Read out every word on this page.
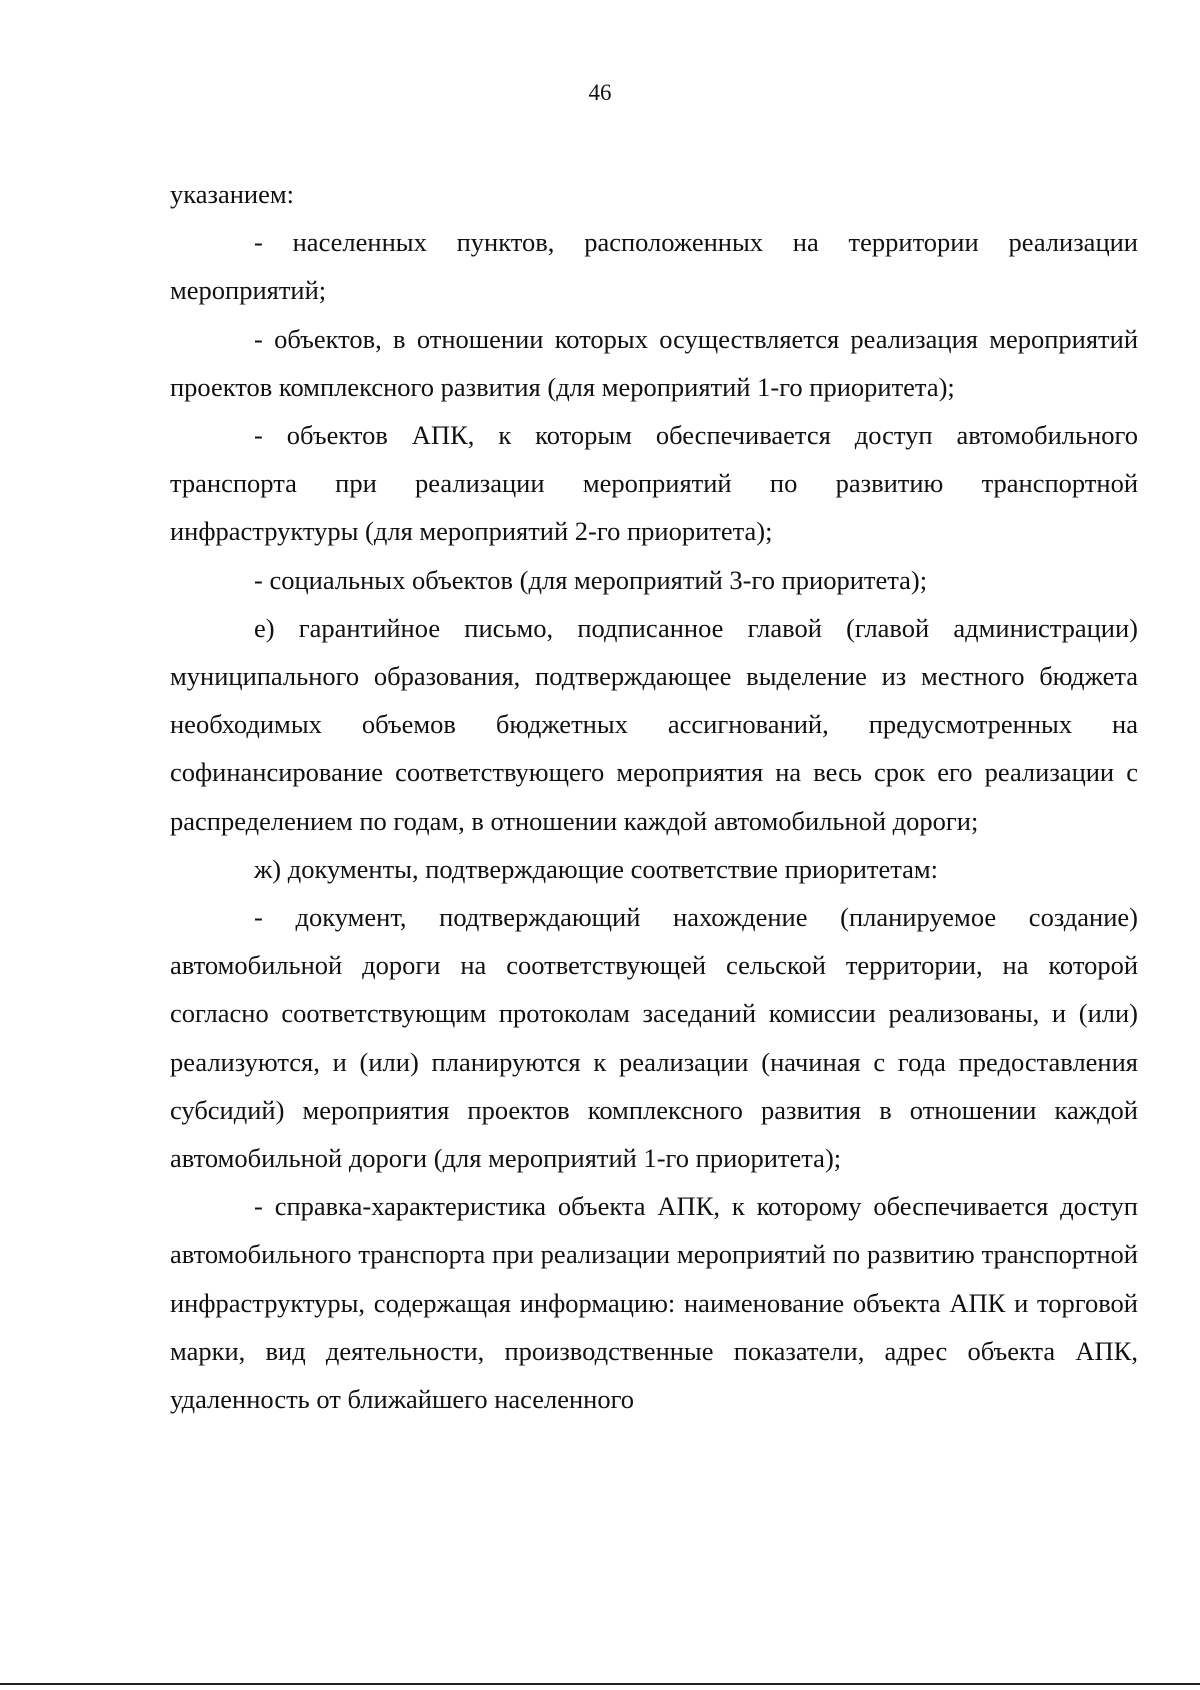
46

указанием:

- населенных пунктов, расположенных на территории реализации мероприятий;

- объектов, в отношении которых осуществляется реализация мероприятий проектов комплексного развития (для мероприятий 1-го приоритета);

- объектов АПК, к которым обеспечивается доступ автомобильного транспорта при реализации мероприятий по развитию транспортной инфраструктуры (для мероприятий 2-го приоритета);

- социальных объектов (для мероприятий 3-го приоритета);

е) гарантийное письмо, подписанное главой (главой администрации) муниципального образования, подтверждающее выделение из местного бюджета необходимых объемов бюджетных ассигнований, предусмотренных на софинансирование соответствующего мероприятия на весь срок его реализации с распределением по годам, в отношении каждой автомобильной дороги;

ж) документы, подтверждающие соответствие приоритетам:

- документ, подтверждающий нахождение (планируемое создание) автомобильной дороги на соответствующей сельской территории, на которой согласно соответствующим протоколам заседаний комиссии реализованы, и (или) реализуются, и (или) планируются к реализации (начиная с года предоставления субсидий) мероприятия проектов комплексного развития в отношении каждой автомобильной дороги (для мероприятий 1-го приоритета);

- справка-характеристика объекта АПК, к которому обеспечивается доступ автомобильного транспорта при реализации мероприятий по развитию транспортной инфраструктуры, содержащая информацию: наименование объекта АПК и торговой марки, вид деятельности, производственные показатели, адрес объекта АПК, удаленность от ближайшего населенного
